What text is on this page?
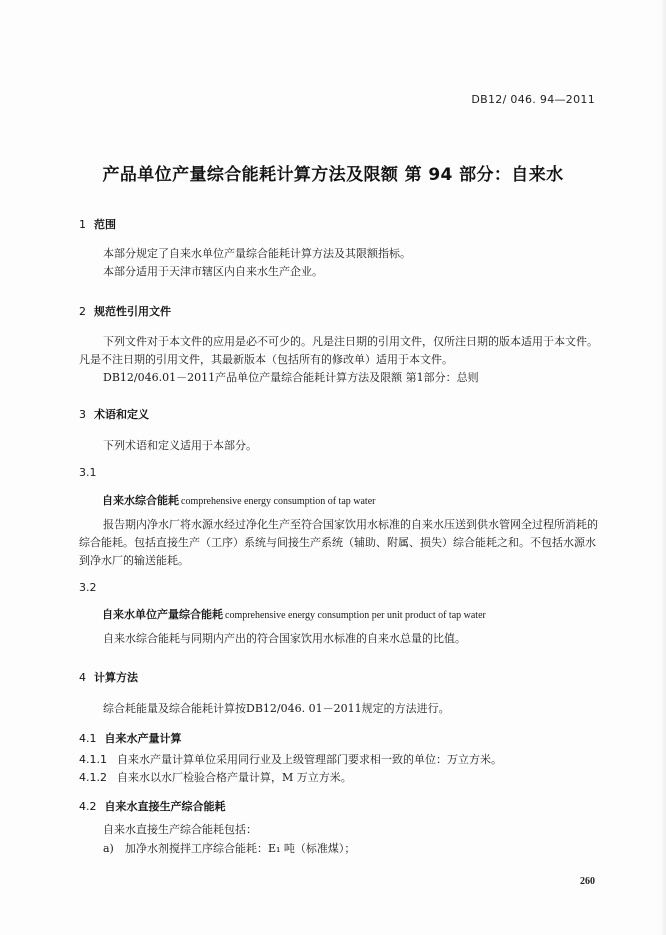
DB12/ 046. 94—2011
产品单位产量综合能耗计算方法及限额 第 94 部分：自来水
1 范围
本部分规定了自来水单位产量综合能耗计算方法及其限额指标。
本部分适用于天津市辖区内自来水生产企业。
2 规范性引用文件
下列文件对于本文件的应用是必不可少的。凡是注日期的引用文件，仅所注日期的版本适用于本文件。凡是不注日期的引用文件，其最新版本（包括所有的修改单）适用于本文件。
DB12/046.01－2011产品单位产量综合能耗计算方法及限额 第1部分：总则
3 术语和定义
下列术语和定义适用于本部分。
3.1
自来水综合能耗 comprehensive energy consumption of tap water
报告期内净水厂将水源水经过净化生产至符合国家饮用水标准的自来水压送到供水管网全过程所消耗的综合能耗。包括直接生产（工序）系统与间接生产系统（辅助、附属、损失）综合能耗之和。不包括水源水到净水厂的输送能耗。
3.2
自来水单位产量综合能耗 comprehensive energy consumption per unit product of tap water
自来水综合能耗与同期内产出的符合国家饮用水标准的自来水总量的比值。
4 计算方法
综合耗能量及综合能耗计算按DB12/046. 01－2011规定的方法进行。
4.1 自来水产量计算
4.1.1 自来水产量计算单位采用同行业及上级管理部门要求相一致的单位：万立方米。
4.1.2 自来水以水厂检验合格产量计算，M 万立方米。
4.2 自来水直接生产综合能耗
自来水直接生产综合能耗包括：
a) 加净水剂搅拌工序综合能耗：E₁ 吨（标准煤）；
260
